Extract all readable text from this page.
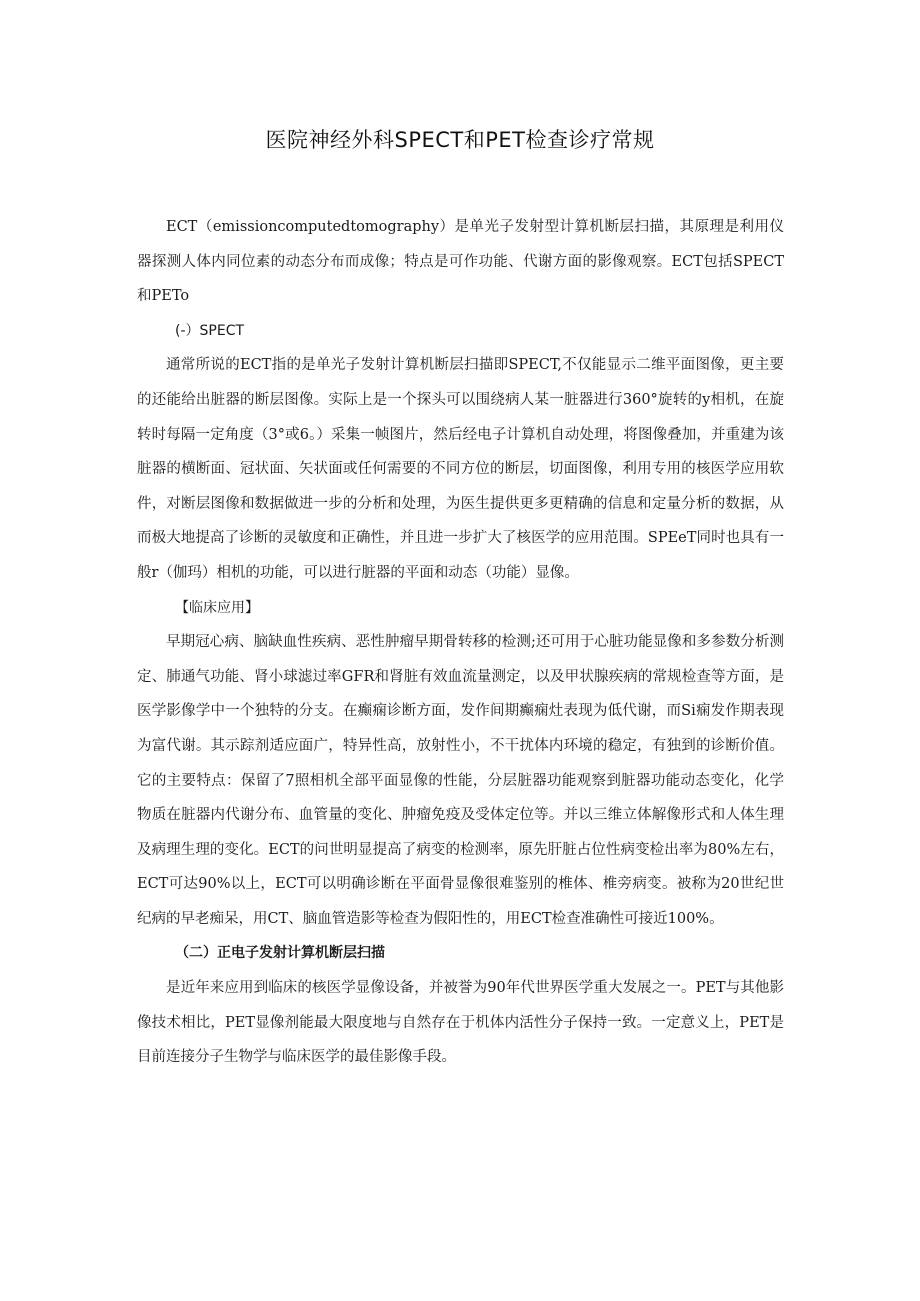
医院神经外科SPECT和PET检查诊疗常规

ECT（emissioncomputedtomography）是单光子发射型计算机断层扫描，其原理是利用仪器探测人体内同位素的动态分布而成像；特点是可作功能、代谢方面的影像观察。ECT包括SPECT和PETo

(-）SPECT

通常所说的ECT指的是单光子发射计算机断层扫描即SPECT,不仅能显示二维平面图像，更主要的还能给出脏器的断层图像。实际上是一个探头可以围绕病人某一脏器进行360°旋转的y相机，在旋转时每隔一定角度（3°或6。）采集一帧图片，然后经电子计算机自动处理，将图像叠加，并重建为该脏器的横断面、冠状面、矢状面或任何需要的不同方位的断层，切面图像，利用专用的核医学应用软件，对断层图像和数据做进一步的分析和处理，为医生提供更多更精确的信息和定量分析的数据，从而极大地提高了诊断的灵敏度和正确性，并且进一步扩大了核医学的应用范围。SPEeT同时也具有一般r（伽玛）相机的功能，可以进行脏器的平面和动态（功能）显像。

【临床应用】

早期冠心病、脑缺血性疾病、恶性肿瘤早期骨转移的检测;还可用于心脏功能显像和多参数分析测定、肺通气功能、肾小球滤过率GFR和肾脏有效血流量测定，以及甲状腺疾病的常规检查等方面，是医学影像学中一个独特的分支。在癫痫诊断方面，发作间期癫痫灶表现为低代谢，而Si痫发作期表现为富代谢。其示踪剂适应面广，特异性高，放射性小，不干扰体内环境的稳定，有独到的诊断价值。它的主要特点：保留了7照相机全部平面显像的性能，分层脏器功能观察到脏器功能动态变化，化学物质在脏器内代谢分布、血管量的变化、肿瘤免疫及受体定位等。并以三维立体解像形式和人体生理及病理生理的变化。ECT的问世明显提高了病变的检测率，原先肝脏占位性病变检出率为80%左右，ECT可达90%以上，ECT可以明确诊断在平面骨显像很难鉴别的椎体、椎旁病变。被称为20世纪世纪病的早老痴呆，用CT、脑血管造影等检查为假阳性的，用ECT检查准确性可接近100%。

（二）正电子发射计算机断层扫描

是近年来应用到临床的核医学显像设备，并被誉为90年代世界医学重大发展之一。PET与其他影像技术相比，PET显像剂能最大限度地与自然存在于机体内活性分子保持一致。一定意义上，PET是目前连接分子生物学与临床医学的最佳影像手段。
